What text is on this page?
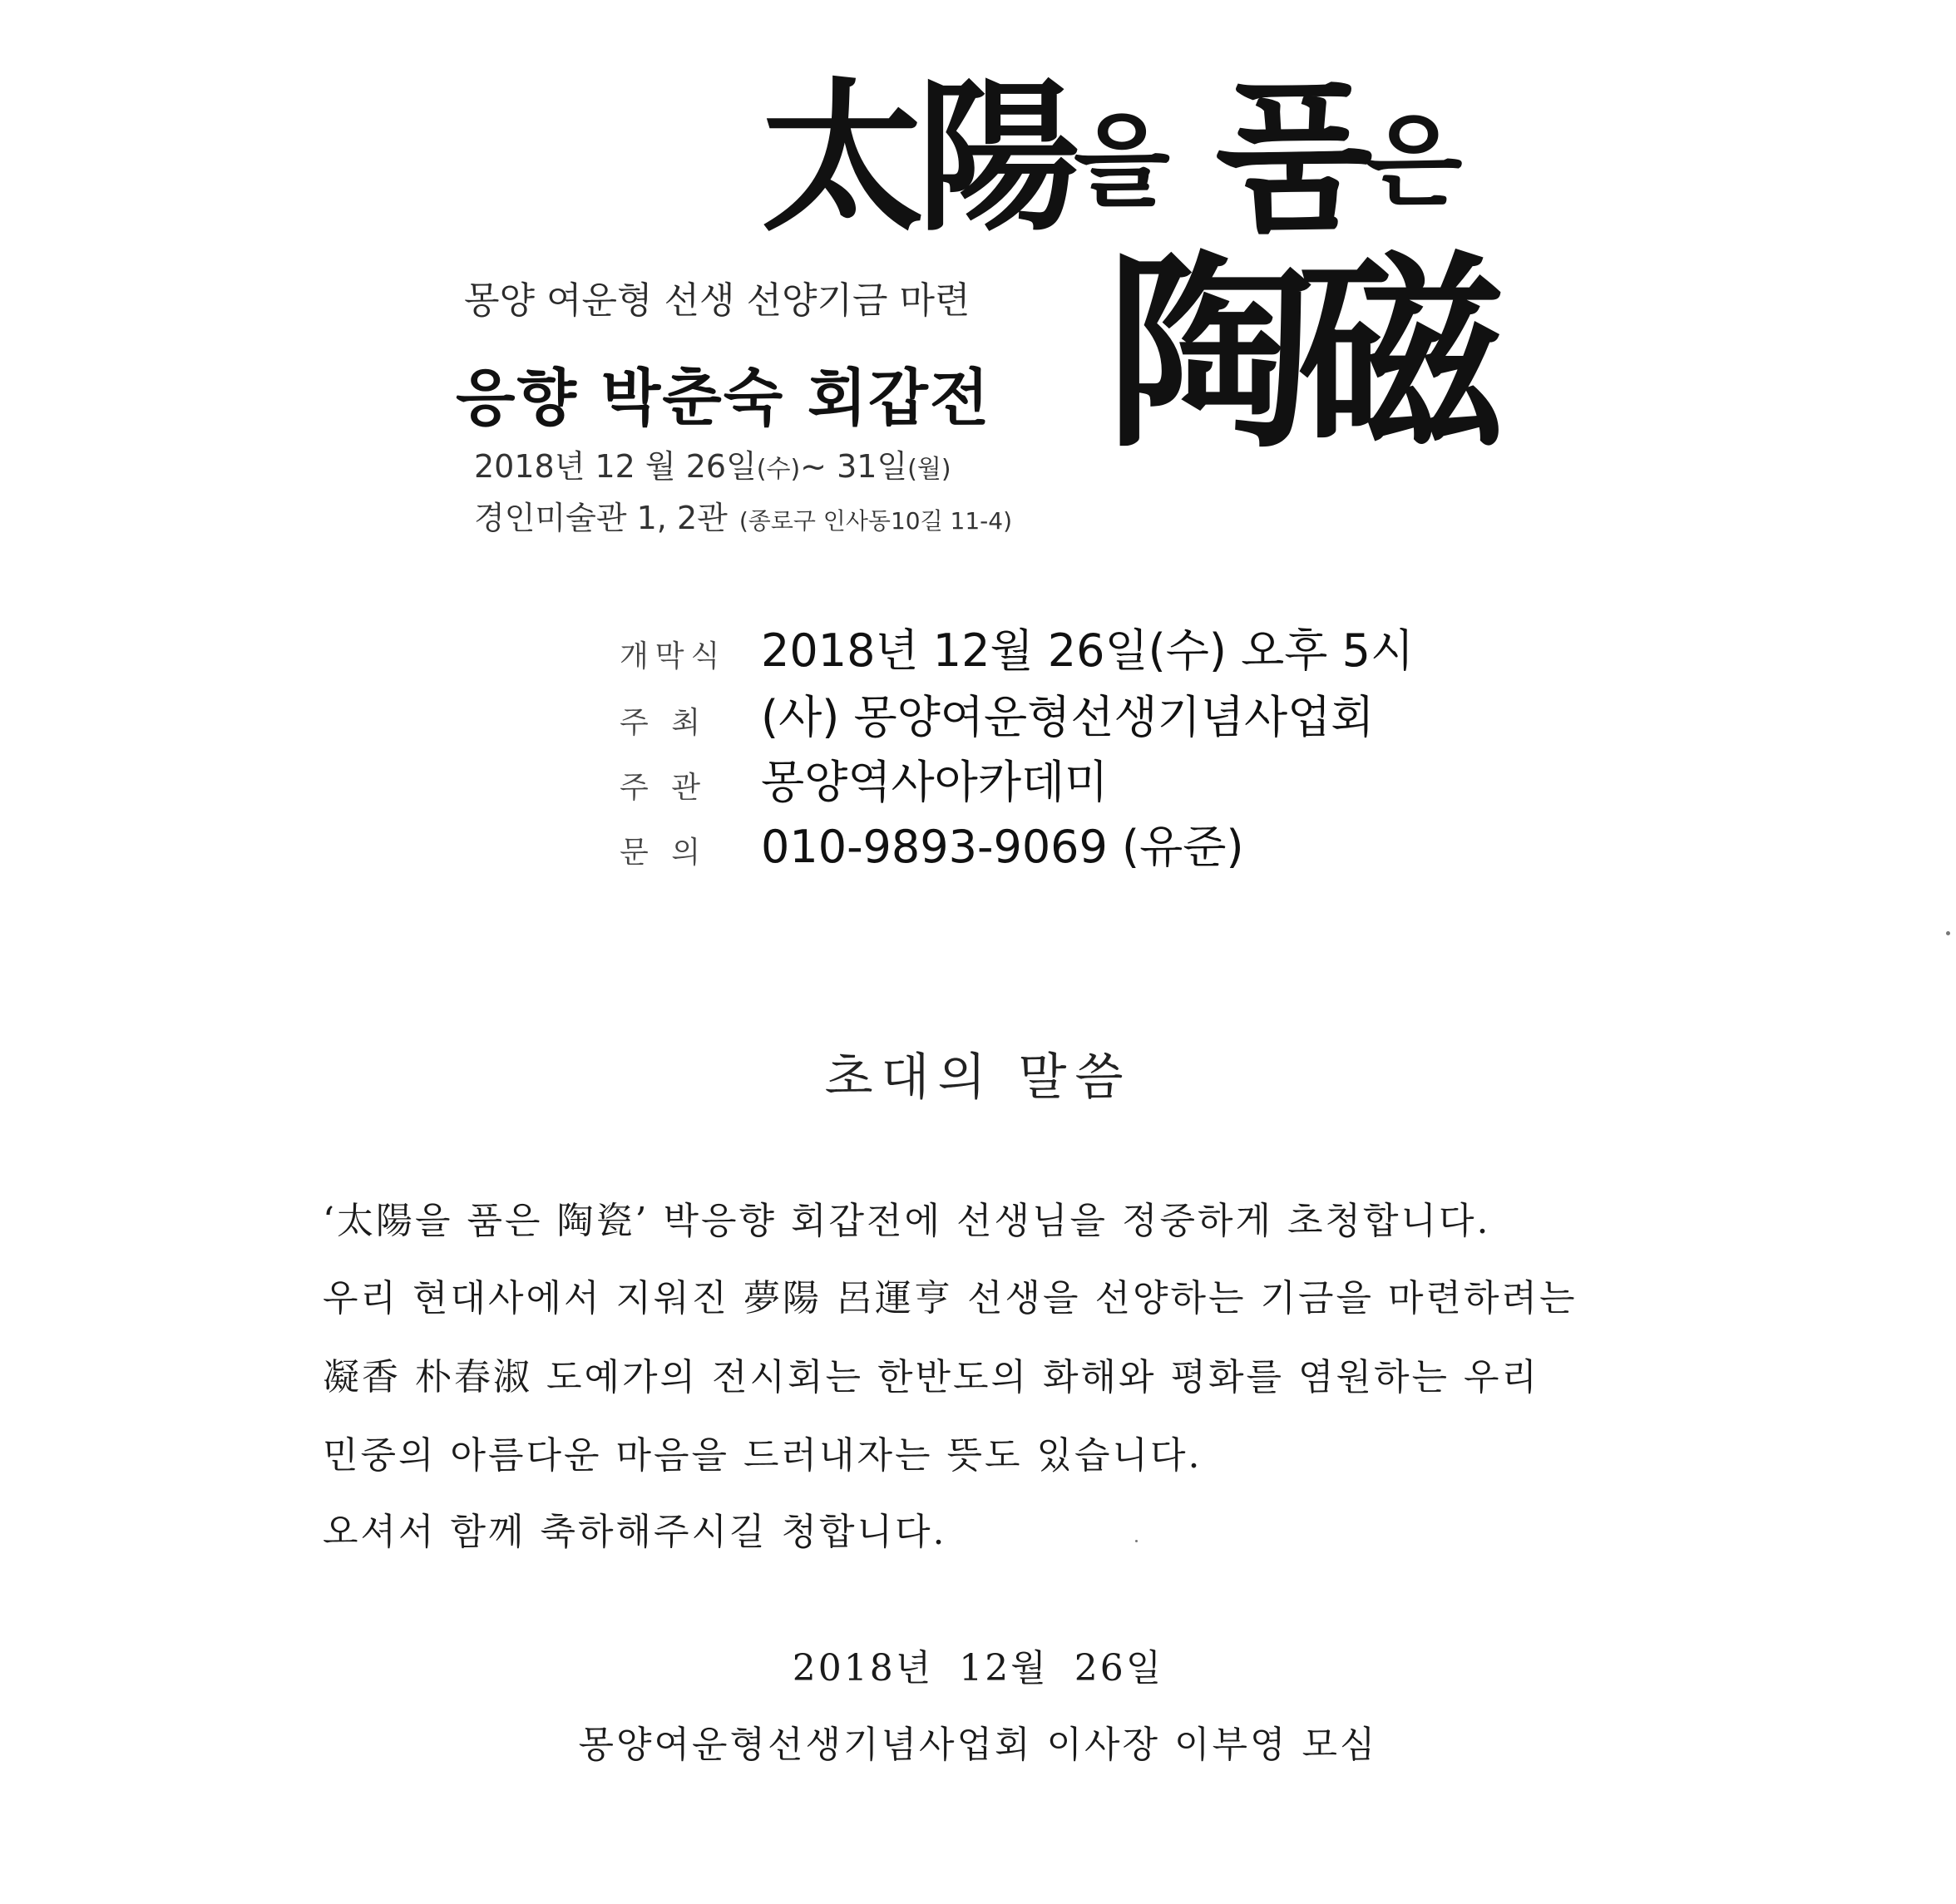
太陽을 품은
陶磁
몽양 여운형 선생 선양기금 마련
응향 박춘숙 회갑전
2018년 12 월 26일(수)~ 31일(월)
경인미술관 1, 2관 (종로구 인사동10길 11-4)
개막식 2018년 12월 26일(수) 오후 5시
주 최 (사) 몽양여운형선생기념사업회
주 관 몽양역사아카데미
문 의 010-9893-9069 (유준)
초대의 말씀
‘太陽을 품은 陶瓷’ 박응향 회갑전에 선생님을 정중하게 초청합니다.
우리 현대사에서 지워진 夢陽 呂運亨 선생을 선양하는 기금을 마련하려는
凝香 朴春淑 도예가의 전시회는 한반도의 화해와 평화를 염원하는 우리
민중의 아름다운 마음을 드러내자는 뜻도 있습니다.
오셔서 함께 축하해주시길 청합니다.
2018년 12월 26일
몽양여운형선생기념사업회 이사장 이부영 모심
